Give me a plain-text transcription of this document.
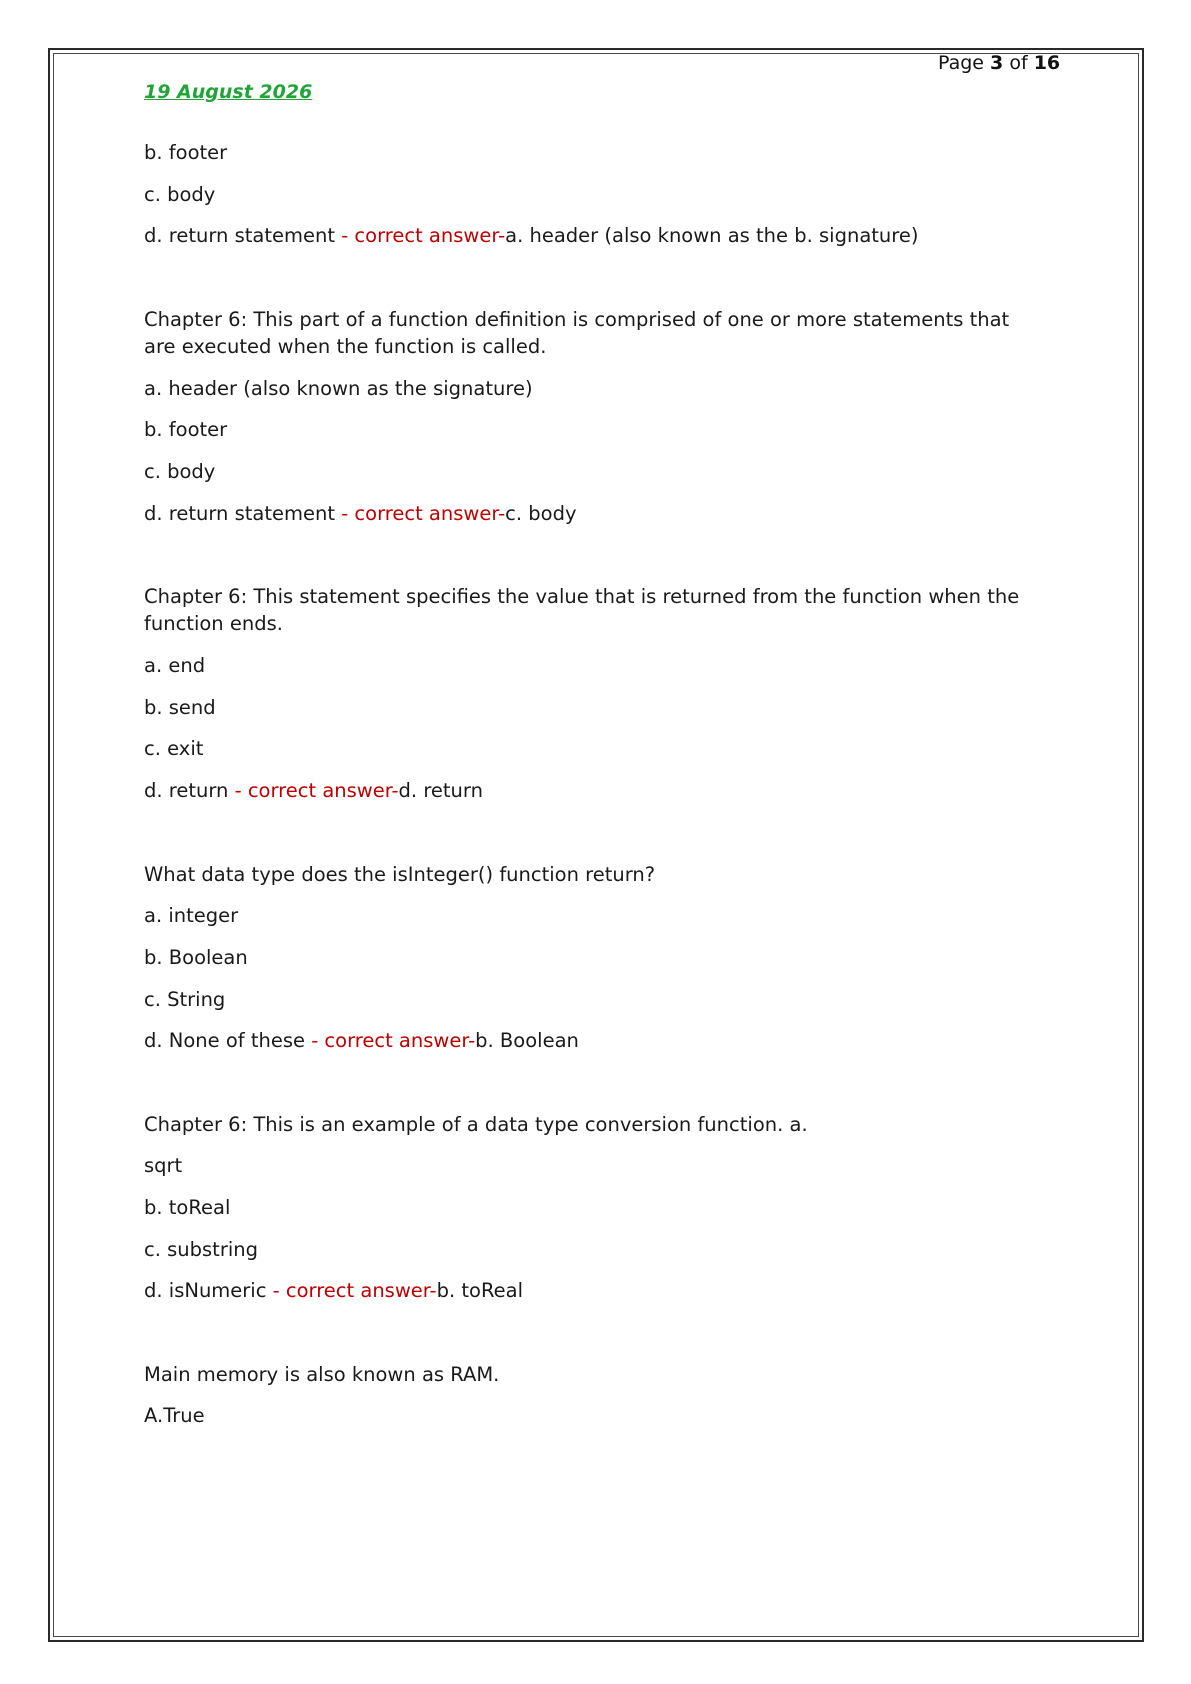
Page 3 of 16
19 August 2026
b. footer
c. body
d. return statement - correct answer-a. header (also known as the b. signature)
Chapter 6: This part of a function definition is comprised of one or more statements that are executed when the function is called.
a. header (also known as the signature)
b. footer
c. body
d. return statement - correct answer-c. body
Chapter 6: This statement specifies the value that is returned from the function when the function ends.
a. end
b. send
c. exit
d. return - correct answer-d. return
What data type does the isInteger() function return?
a. integer
b. Boolean
c. String
d. None of these - correct answer-b. Boolean
Chapter 6: This is an example of a data type conversion function. a.
sqrt
b. toReal
c. substring
d. isNumeric - correct answer-b. toReal
Main memory is also known as RAM.
A.True
